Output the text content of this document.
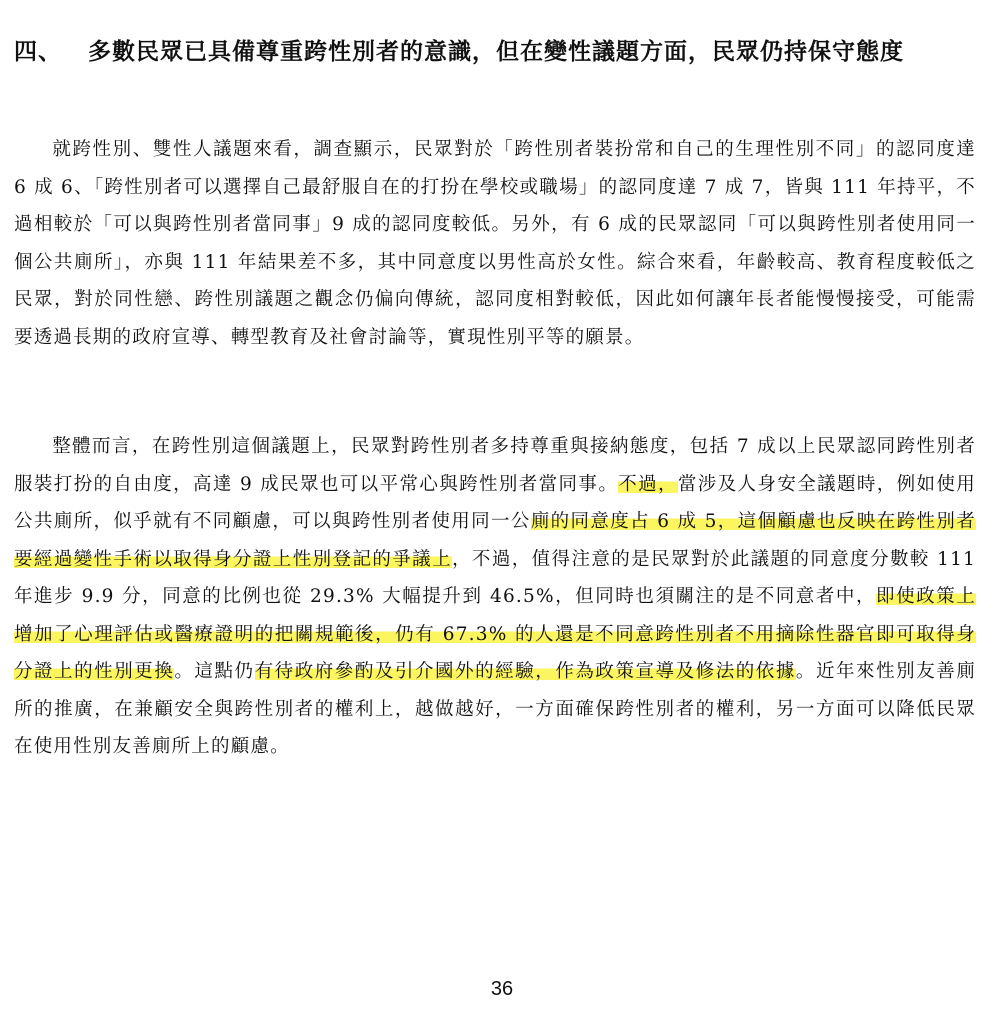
四、 多數民眾已具備尊重跨性別者的意識，但在變性議題方面，民眾仍持保守態度
就跨性別、雙性人議題來看，調查顯示，民眾對於「跨性別者裝扮常和自己的生理性別不同」的認同度達 6 成 6、「跨性別者可以選擇自己最舒服自在的打扮在學校或職場」的認同度達 7 成 7，皆與 111 年持平，不過相較於「可以與跨性別者當同事」9 成的認同度較低。另外，有 6 成的民眾認同「可以與跨性別者使用同一個公共廁所」，亦與 111 年結果差不多，其中同意度以男性高於女性。綜合來看，年齡較高、教育程度較低之民眾，對於同性戀、跨性別議題之觀念仍偏向傳統，認同度相對較低，因此如何讓年長者能慢慢接受，可能需要透過長期的政府宣導、轉型教育及社會討論等，實現性別平等的願景。
整體而言，在跨性別這個議題上，民眾對跨性別者多持尊重與接納態度，包括 7 成以上民眾認同跨性別者服裝打扮的自由度，高達 9 成民眾也可以平常心與跨性別者當同事。不過，當涉及人身安全議題時，例如使用公共廁所，似乎就有不同顧慮，可以與跨性別者使用同一公廁的同意度占 6 成 5，這個顧慮也反映在跨性別者要經過變性手術以取得身分證上性別登記的爭議上，不過，值得注意的是民眾對於此議題的同意度分數較 111 年進步 9.9 分，同意的比例也從 29.3% 大幅提升到 46.5%，但同時也須關注的是不同意者中，即使政策上增加了心理評估或醫療證明的把關規範後，仍有 67.3% 的人還是不同意跨性別者不用摘除性器官即可取得身分證上的性別更換。這點仍有待政府參酌及引介國外的經驗，作為政策宣導及修法的依據。近年來性別友善廁所的推廣，在兼顧安全與跨性別者的權利上，越做越好，一方面確保跨性別者的權利，另一方面可以降低民眾在使用性別友善廁所上的顧慮。
36
